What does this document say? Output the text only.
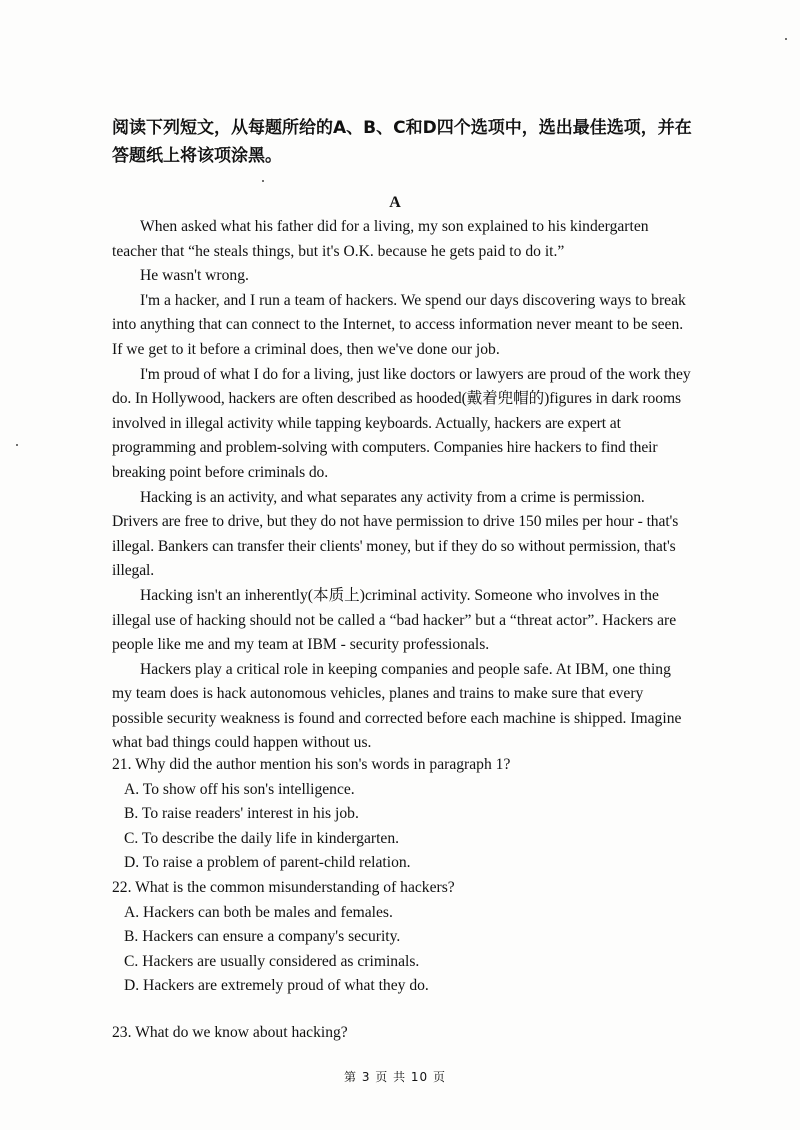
阅读下列短文，从每题所给的A、B、C和D四个选项中，选出最佳选项，并在

答题纸上将该项涂黑。

A

When asked what his father did for a living, my son explained to his kindergarten teacher that “he steals things, but it's O.K. because he gets paid to do it.”

He wasn't wrong.

I'm a hacker, and I run a team of hackers. We spend our days discovering ways to break into anything that can connect to the Internet, to access information never meant to be seen. If we get to it before a criminal does, then we've done our job.

I'm proud of what I do for a living, just like doctors or lawyers are proud of the work they do. In Hollywood, hackers are often described as hooded(戴着兜帽的)figures in dark rooms involved in illegal activity while tapping keyboards. Actually, hackers are expert at programming and problem-solving with computers. Companies hire hackers to find their breaking point before criminals do.

Hacking is an activity, and what separates any activity from a crime is permission. Drivers are free to drive, but they do not have permission to drive 150 miles per hour - that's illegal. Bankers can transfer their clients' money, but if they do so without permission, that's illegal.

Hacking isn't an inherently(本质上)criminal activity. Someone who involves in the illegal use of hacking should not be called a “bad hacker” but a “threat actor”. Hackers are people like me and my team at IBM - security professionals.

Hackers play a critical role in keeping companies and people safe. At IBM, one thing my team does is hack autonomous vehicles, planes and trains to make sure that every possible security weakness is found and corrected before each machine is shipped. Imagine what bad things could happen without us.

21. Why did the author mention his son's words in paragraph 1?

A. To show off his son's intelligence.

B. To raise readers' interest in his job.

C. To describe the daily life in kindergarten.

D. To raise a problem of parent-child relation.

22. What is the common misunderstanding of hackers?

A. Hackers can both be males and females.

B. Hackers can ensure a company's security.

C. Hackers are usually considered as criminals.

D. Hackers are extremely proud of what they do.

23. What do we know about hacking?

第 3 页 共 10 页
